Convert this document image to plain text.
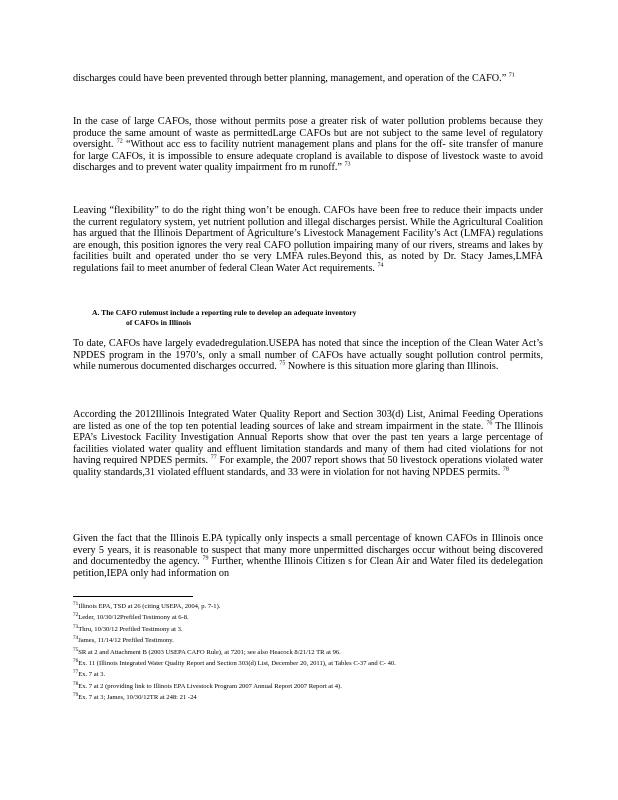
discharges could have been prevented through better planning, management, and operation of the CAFO.” $^{71}$

In the case of large CAFOs, those without permits pose a greater risk of water pollution problems because they produce the same amount of waste as permittedLarge CAFOs but are not subject to the same level of regulatory oversight. $^{72}$ “Without acc ess to facility nutrient management plans and plans for the off- site transfer of manure for large CAFOs, it is impossible to ensure adequate cropland is available to dispose of livestock waste to avoid discharges and to prevent water quality impairment fro m runoff.” $^{73}$

Leaving “flexibility” to do the right thing won’t be enough. CAFOs have been free to reduce their impacts under the current regulatory system, yet nutrient pollution and illegal discharges persist. While the Agricultural Coalition has argued that the Illinois Department of Agriculture’s Livestock Management Facility’s Act (LMFA) regulations are enough, this position ignores the very real CAFO pollution impairing many of our rivers, streams and lakes by facilities built and operated under tho se very LMFA rules.Beyond this, as noted by Dr. Stacy James,LMFA regulations fail to meet anumber of federal Clean Water Act requirements. $^{74}$

A. The CAFO rulemust include a reporting rule to develop an adequate inventory
of CAFOs in Illinois

To date, CAFOs have largely evadedregulation.USEPA has noted that since the inception of the Clean Water Act’s NPDES program in the 1970’s, only a small number of CAFOs have actually sought pollution control permits, while numerous documented discharges occurred. $^{75}$ Nowhere is this situation more glaring than Illinois.

According the 2012Illinois Integrated Water Quality Report and Section 303(d) List, Animal Feeding Operations are listed as one of the top ten potential leading sources of lake and stream impairment in the state. $^{76}$ The Illinois EPA’s Livestock Facility Investigation Annual Reports show that over the past ten years a large percentage of facilities violated water quality and effluent limitation standards and many of them had cited violations for not having required NPDES permits. $^{77}$ For example, the 2007 report shows that 50 livestock operations violated water quality standards,31 violated effluent standards, and 33 were in violation for not having NPDES permits. $^{78}$

Given the fact that the Illinois E.PA typically only inspects a small percentage of known CAFOs in Illinois once every 5 years, it is reasonable to suspect that many more unpermitted discharges occur without being discovered and documentedby the agency. $^{79}$ Further, whenthe Illinois Citizen s for Clean Air and Water filed its dedelegation petition,IEPA only had information on

$^{71}$Illinois EPA, TSD at 26 (citing USEPA, 2004, p. 7-1).
$^{72}$Leder, 10/30/12Prefiled Testimony at 6-8.
$^{73}$Thru, 10/30/12 Prefiled Testimony at 3.
$^{74}$James, 11/14/12 Prefiled Testimony.
$^{75}$SR at 2 and Attachment B (2003 USEPA CAFO Rule), at 7201; see also Heacock 8/21/12 TR at 96.
$^{76}$Ex. 11 (Illinois Integrated Water Quality Report and Section 303(d) List, December 20, 2011), at Tables C-37 and C- 40.
$^{77}$Ex. 7 at 3.
$^{78}$Ex. 7 at 2 (providing link to Illinois EPA Livestock Program 2007 Annual Report 2007 Report at 4).
$^{79}$Ex. 7 at 3; James, 10/30/12TR at 248: 21 -24
